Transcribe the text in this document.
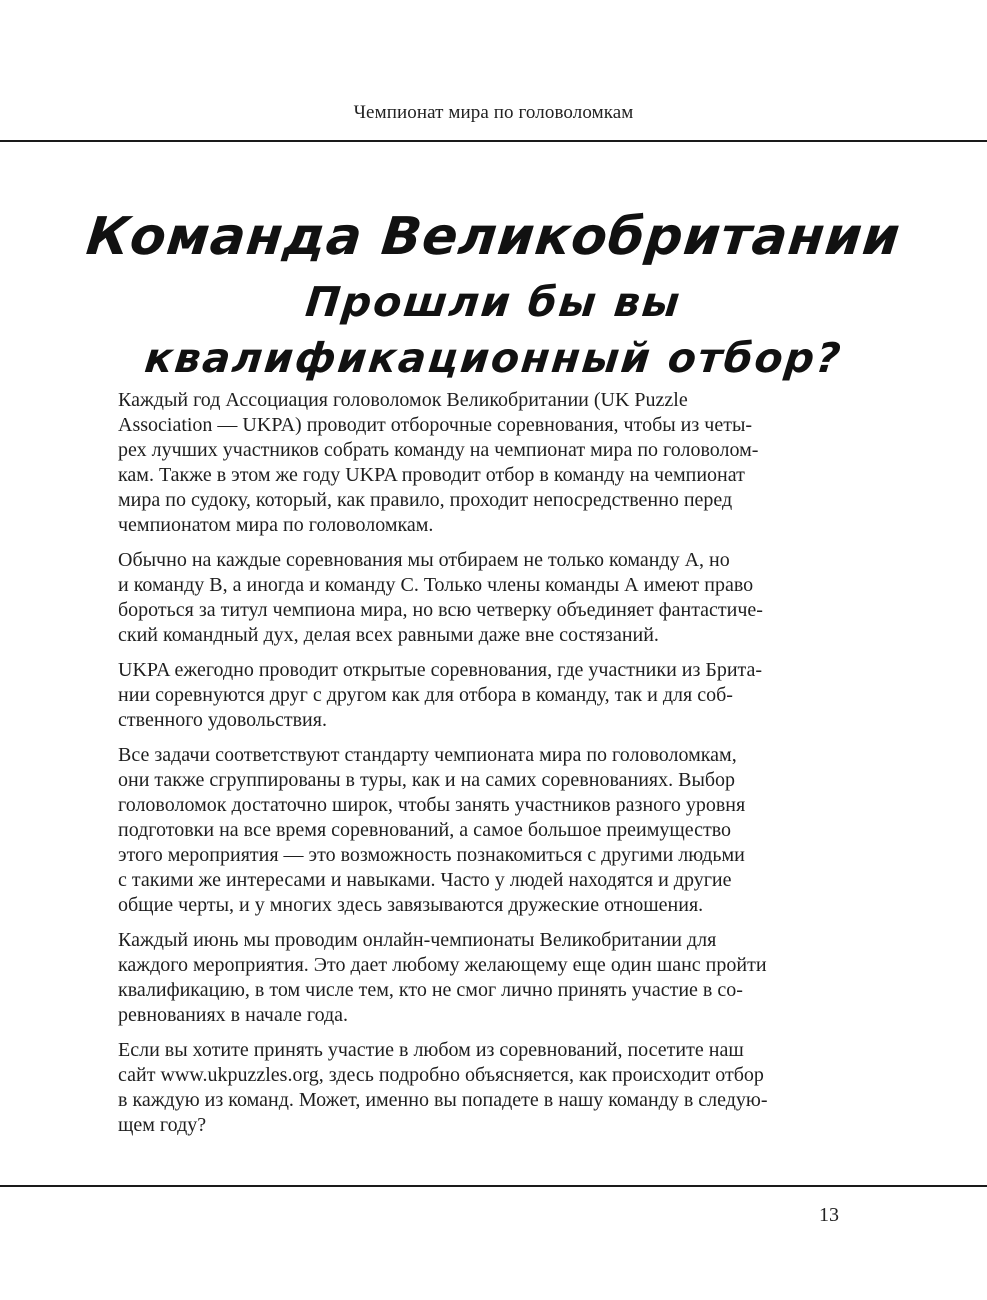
Чемпионат мира по головоломкам
Команда Великобритании
Прошли бы вы
квалификационный отбор?
Каждый год Ассоциация головоломок Великобритании (UK Puzzle
Association — UKPA) проводит отборочные соревнования, чтобы из четы-
рех лучших участников собрать команду на чемпионат мира по головолом-
кам. Также в этом же году UKPA проводит отбор в команду на чемпионат
мира по судоку, который, как правило, проходит непосредственно перед
чемпионатом мира по головоломкам.
Обычно на каждые соревнования мы отбираем не только команду А, но
и команду В, а иногда и команду С. Только члены команды А имеют право
бороться за титул чемпиона мира, но всю четверку объединяет фантастиче-
ский командный дух, делая всех равными даже вне состязаний.
UKPA ежегодно проводит открытые соревнования, где участники из Брита-
нии соревнуются друг с другом как для отбора в команду, так и для соб-
ственного удовольствия.
Все задачи соответствуют стандарту чемпионата мира по головоломкам,
они также сгруппированы в туры, как и на самих соревнованиях. Выбор
головоломок достаточно широк, чтобы занять участников разного уровня
подготовки на все время соревнований, а самое большое преимущество
этого мероприятия — это возможность познакомиться с другими людьми
с такими же интересами и навыками. Часто у людей находятся и другие
общие черты, и у многих здесь завязываются дружеские отношения.
Каждый июнь мы проводим онлайн-чемпионаты Великобритании для
каждого мероприятия. Это дает любому желающему еще один шанс пройти
квалификацию, в том числе тем, кто не смог лично принять участие в со-
ревнованиях в начале года.
Если вы хотите принять участие в любом из соревнований, посетите наш
сайт www.ukpuzzles.org, здесь подробно объясняется, как происходит отбор
в каждую из команд. Может, именно вы попадете в нашу команду в следую-
щем году?
13
